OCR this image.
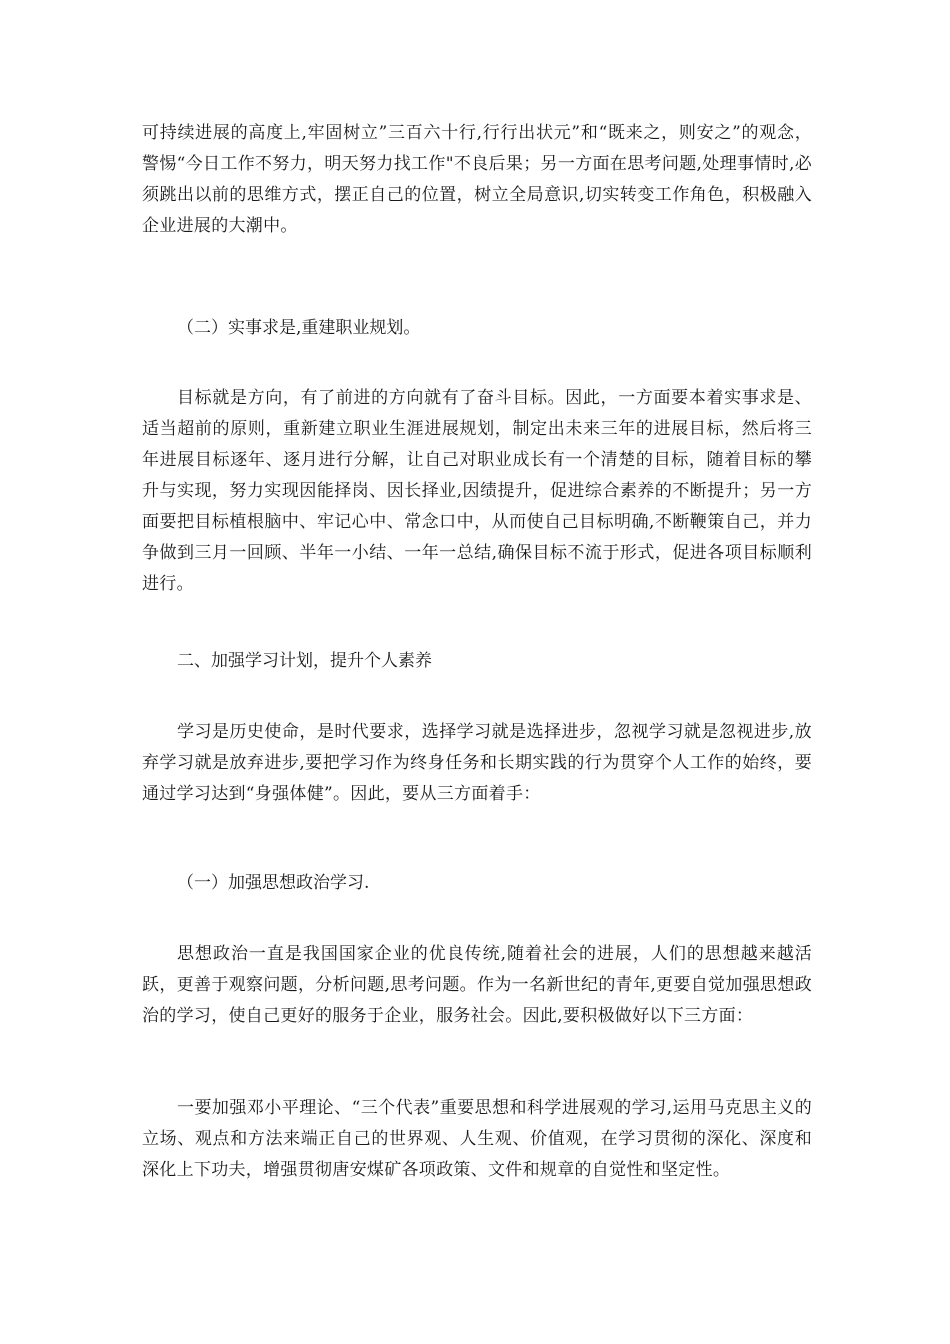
可持续进展的高度上,牢固树立”三百六十行,行行出状元”和“既来之，则安之”的观念，警惕“今日工作不努力，明天努力找工作"不良后果；另一方面在思考问题,处理事情时,必须跳出以前的思维方式，摆正自己的位置，树立全局意识,切实转变工作角色，积极融入企业进展的大潮中。

（二）实事求是,重建职业规划。

目标就是方向，有了前进的方向就有了奋斗目标。因此，一方面要本着实事求是、适当超前的原则，重新建立职业生涯进展规划，制定出未来三年的进展目标，然后将三年进展目标逐年、逐月进行分解，让自己对职业成长有一个清楚的目标，随着目标的攀升与实现，努力实现因能择岗、因长择业,因绩提升，促进综合素养的不断提升；另一方面要把目标植根脑中、牢记心中、常念口中，从而使自己目标明确,不断鞭策自己，并力争做到三月一回顾、半年一小结、一年一总结,确保目标不流于形式，促进各项目标顺利进行。

二、加强学习计划，提升个人素养

学习是历史使命，是时代要求，选择学习就是选择进步，忽视学习就是忽视进步,放弃学习就是放弃进步,要把学习作为终身任务和长期实践的行为贯穿个人工作的始终，要通过学习达到“身强体健”。因此，要从三方面着手：

（一）加强思想政治学习.

思想政治一直是我国国家企业的优良传统,随着社会的进展，人们的思想越来越活跃，更善于观察问题，分析问题,思考问题。作为一名新世纪的青年,更要自觉加强思想政治的学习，使自己更好的服务于企业，服务社会。因此,要积极做好以下三方面：

一要加强邓小平理论、“三个代表”重要思想和科学进展观的学习,运用马克思主义的立场、观点和方法来端正自己的世界观、人生观、价值观，在学习贯彻的深化、深度和深化上下功夫，增强贯彻唐安煤矿各项政策、文件和规章的自觉性和坚定性。
